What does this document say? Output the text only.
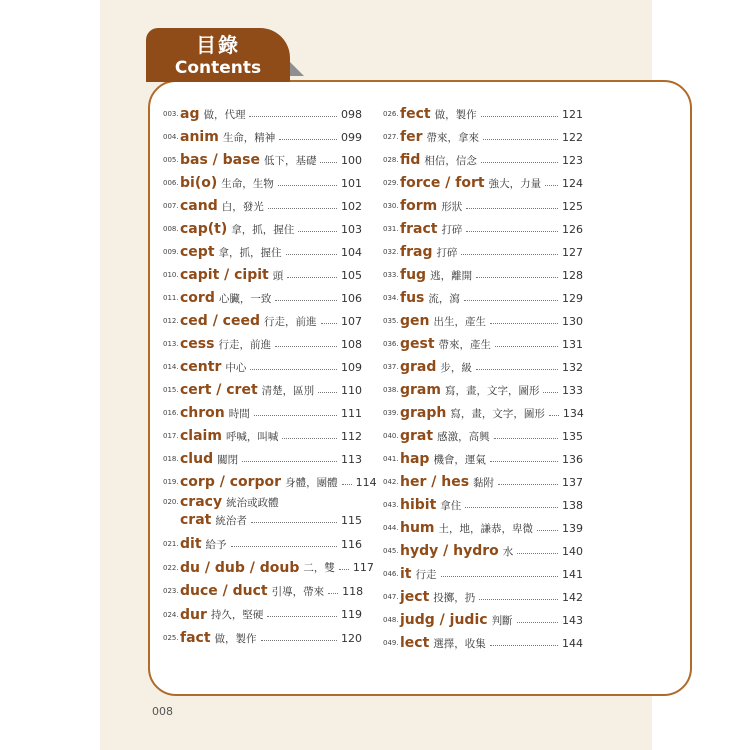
目錄
Contents
003. ag 做，代理	098
004. anim 生命，精神	099
005. bas / base 低下，基礎 100
006. bi(o) 生命，生物	101
007. cand 白，發光	102
008. cap(t) 拿，抓，握住	103
009. cept 拿，抓，握住	104
010. capit / cipit 頭	105
011. cord 心臟，一致	106
012. ced / ceed 行走，前進 107
013. cess 行走，前進	108
014. centr 中心	109
015. cert / cret 清楚，區別 110
016. chron 時間	111
017. claim 呼喊，叫喊	112
018. clud 關閉	113
019. corp / corpor 身體，團體 114
020. cracy 統治或政體
crat 統治者	115
021. dit 給予	116
022. du / dub / doub 二，雙 117
023. duce / duct 引導，帶來 118
024. dur 持久，堅硬	119
025. fact 做，製作	120
026. fect 做，製作	121
027. fer 帶來，拿來	122
028. fid 相信，信念	123
029. force / fort 強大，力量 124
030. form 形狀	125
031. fract 打碎	126
032. frag 打碎	127
033. fug 逃，離開	128
034. fus 流，瀉	129
035. gen 出生，產生	130
036. gest 帶來，產生	131
037. grad 步，級	132
038. gram 寫，畫，文字，圖形 133
039. graph 寫，畫，文字，圖形 134
040. grat 感激，高興	135
041. hap 機會，運氣	136
042. her / hes 黏附	137
043. hibit 拿住	138
044. hum 土，地，謙恭，卑微	139
045. hydy / hydro 水	140
046. it 行走	141
047. ject 投擲，扔	142
048. judg / judic 判斷	143
049. lect 選擇，收集	144
008
